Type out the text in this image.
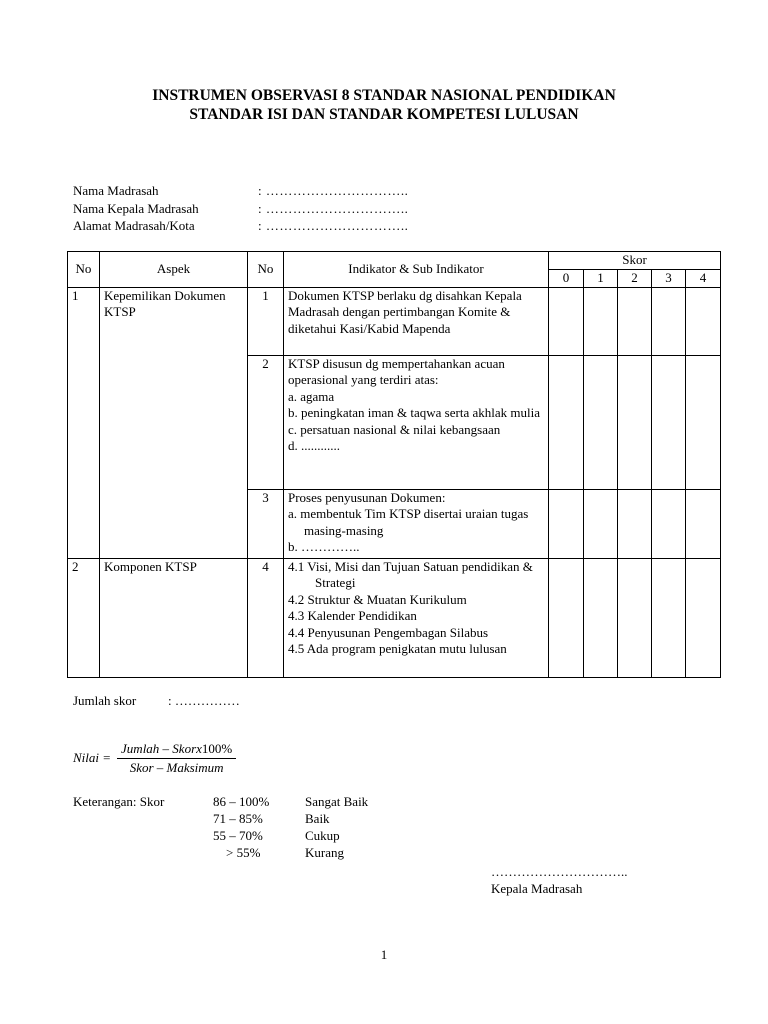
INSTRUMEN OBSERVASI 8 STANDAR NASIONAL PENDIDIKAN
STANDAR ISI DAN STANDAR KOMPETESI LULUSAN
Nama Madrasah	: …………………………..
Nama Kepala Madrasah	: …………………………..
Alamat Madrasah/Kota	: …………………………..
No	Aspek	No	Indikator & Sub Indikator	Skor				
				0	1	2	3	4
1	Kepemilikan Dokumen KTSP	1	Dokumen KTSP berlaku dg disahkan Kepala Madrasah dengan pertimbangan Komite & diketahui Kasi/Kabid Mapenda					
		2	KTSP disusun dg mempertahankan acuan operasional yang terdiri atas:
a. agama
b. peningkatan iman & taqwa serta akhlak mulia
c. persatuan nasional & nilai kebangsaan
d. ............					

		3	Proses penyusunan Dokumen:
a. membentuk Tim KTSP disertai uraian tugas masing-masing
b. …………..					

2	Komponen KTSP	4	4.1 Visi, Misi dan Tujuan Satuan pendidikan & Strategi
4.2 Struktur & Muatan Kurikulum
4.3 Kalender Pendidikan
4.4 Penyusunan Pengembagan Silabus
4.5 Ada program penigkatan mutu lulusan					

Jumlah skor	: ……………
Nilai = $\frac{\text{Jumlah – Skorx100\%}}{\text{Skor – Maksimum}}$
Keterangan: Skor	86 – 100%	Sangat Baik
71 – 85%	Baik
55 – 70%	Cukup
> 55%	Kurang
…………………………..
Kepala Madrasah
1
